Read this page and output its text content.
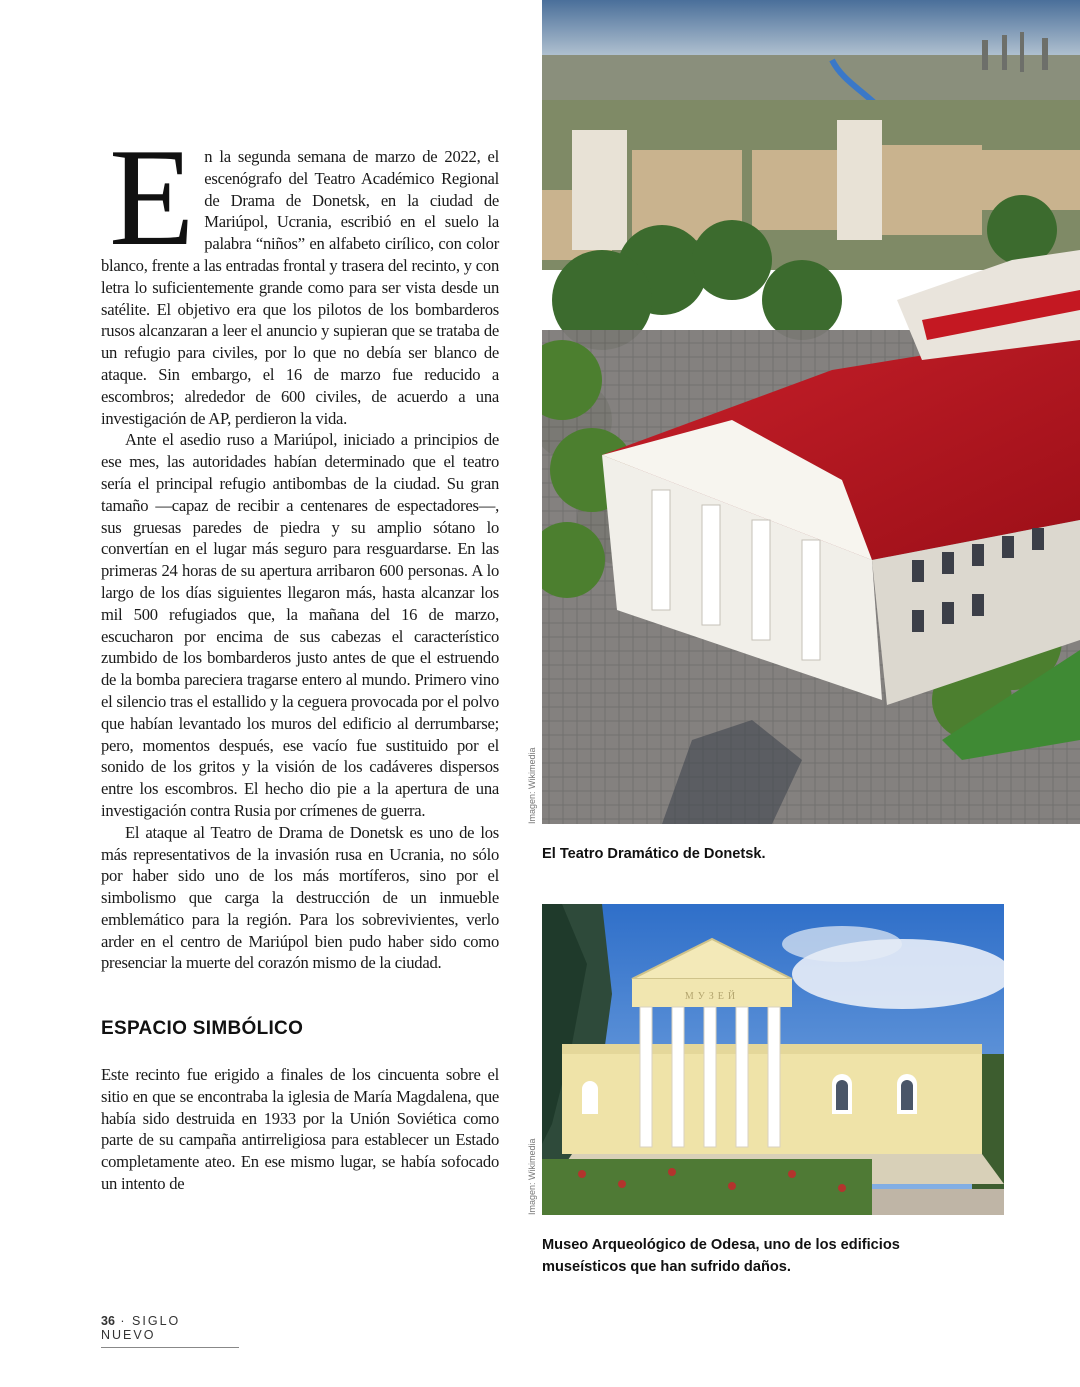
En la segunda semana de marzo de 2022, el escenógrafo del Teatro Académico Regional de Drama de Donetsk, en la ciudad de Mariúpol, Ucrania, escribió en el suelo la palabra “niños” en alfabeto cirílico, con color blanco, frente a las entradas frontal y trasera del recinto, y con letra lo suficientemente grande como para ser vista desde un satélite. El objetivo era que los pilotos de los bombarderos rusos alcanzaran a leer el anuncio y supieran que se trataba de un refugio para civiles, por lo que no debía ser blanco de ataque. Sin embargo, el 16 de marzo fue reducido a escombros; alrededor de 600 civiles, de acuerdo a una investigación de AP, perdieron la vida.

Ante el asedio ruso a Mariúpol, iniciado a principios de ese mes, las autoridades habían determinado que el teatro sería el principal refugio antibombas de la ciudad. Su gran tamaño —capaz de recibir a centenares de espectadores—, sus gruesas paredes de piedra y su amplio sótano lo convertían en el lugar más seguro para resguardarse. En las primeras 24 horas de su apertura arribaron 600 personas. A lo largo de los días siguientes llegaron más, hasta alcanzar los mil 500 refugiados que, la mañana del 16 de marzo, escucharon por encima de sus cabezas el característico zumbido de los bombarderos justo antes de que el estruendo de la bomba pareciera tragarse entero al mundo. Primero vino el silencio tras el estallido y la ceguera provocada por el polvo que habían levantado los muros del edificio al derrumbarse; pero, momentos después, ese vacío fue sustituido por el sonido de los gritos y la visión de los cadáveres dispersos entre los escombros. El hecho dio pie a la apertura de una investigación contra Rusia por crímenes de guerra.

El ataque al Teatro de Drama de Donetsk es uno de los más representativos de la invasión rusa en Ucrania, no sólo por haber sido uno de los más mortíferos, sino por el simbolismo que carga la destrucción de un inmueble emblemático para la región. Para los sobrevivientes, verlo arder en el centro de Mariúpol bien pudo haber sido como presenciar la muerte del corazón mismo de la ciudad.

ESPACIO SIMBÓLICO

Este recinto fue erigido a finales de los cincuenta sobre el sitio en que se encontraba la iglesia de María Magdalena, que había sido destruida en 1933 por la Unión Soviética como parte de su campaña antirreligiosa para establecer un Estado completamente ateo. En ese mismo lugar, se había sofocado un intento de

Imagen: Wikimedia
El Teatro Dramático de Donetsk.
МУЗЕЙ
Imagen: Wikimedia
Museo Arqueológico de Odesa, uno de los edificios museísticos que han sufrido daños.
36 · SIGLO NUEVO
